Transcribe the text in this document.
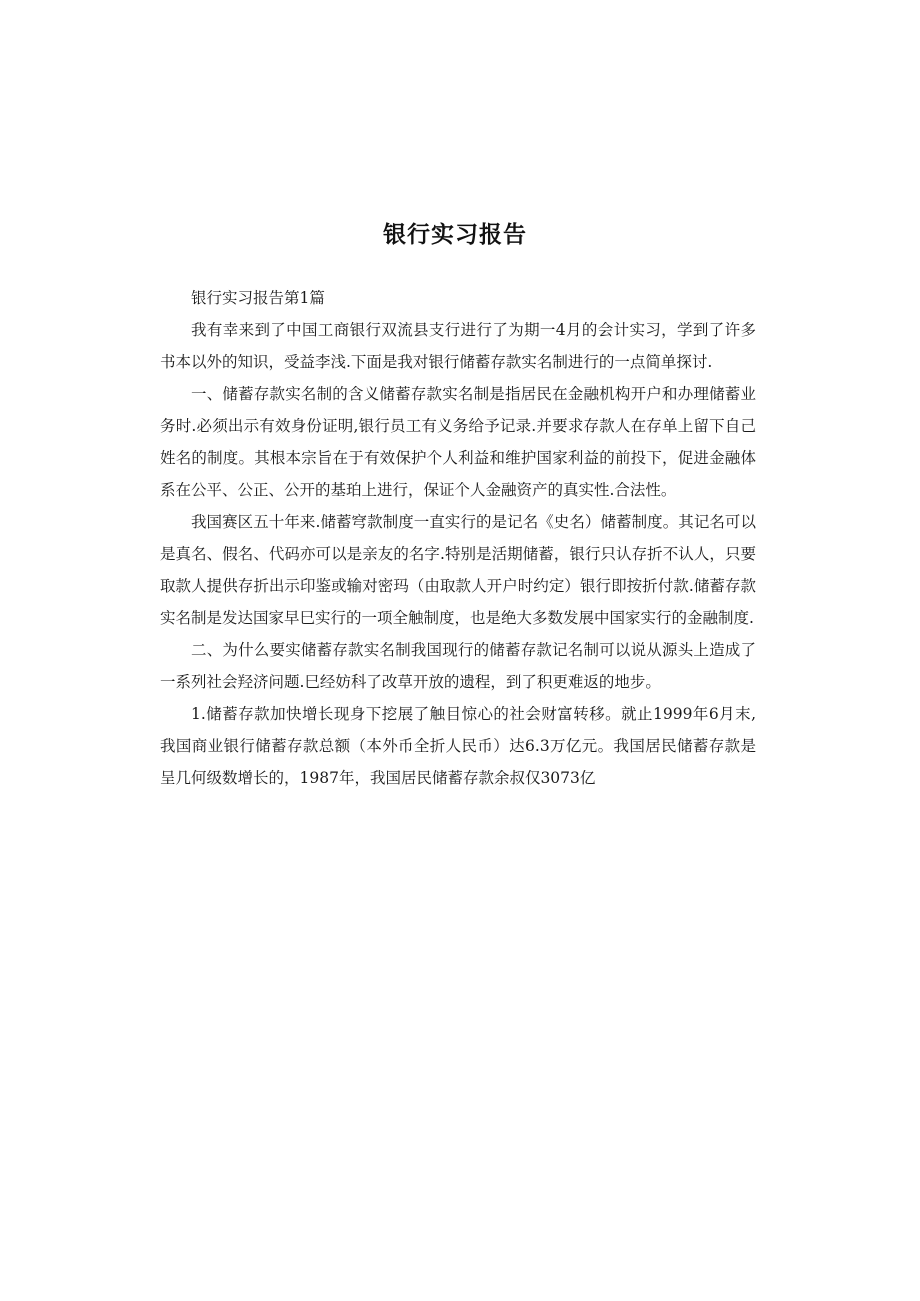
银行实习报告

银行实习报告第1篇

我有幸来到了中国工商银行双流县支行进行了为期一4月的会计实习，学到了许多书本以外的知识，受益李浅.下面是我对银行储蓄存款实名制进行的一点简单探讨.

一、储蓄存款实名制的含义储蓄存款实名制是指居民在金融机构开户和办理储蓄业务时.必须出示有效身份证明,银行员工有义务给予记录.并要求存款人在存单上留下自己姓名的制度。其根本宗旨在于有效保护个人利益和维护国家利益的前投下，促进金融体系在公平、公正、公开的基珀上进行，保证个人金融资产的真实性.合法性。

我国赛区五十年来.储蓄穹款制度一直实行的是记名《史名）储蓄制度。其记名可以是真名、假名、代码亦可以是亲友的名字.特别是活期储蓄，银行只认存折不认人，只要取款人提供存折出示印鉴或输对密玛（由取款人开户时约定）银行即按折付款.储蓄存款实名制是发达国家早巳实行的一项全触制度，也是绝大多数发展中国家实行的金融制度.

二、为什么要实储蓄存款实名制我国现行的储蓄存款记名制可以说从源头上造成了一系列社会羟济问题.巳经妨科了改草开放的遗程，到了积更难返的地步。

1.储蓄存款加快增长现身下挖展了触目惊心的社会财富转移。就止1999年6月末,我国商业银行储蓄存款总额（本外币全折人民币）达6.3万亿元。我国居民储蓄存款是呈几何级数增长的，1987年，我国居民储蓄存款余叔仅3073亿
